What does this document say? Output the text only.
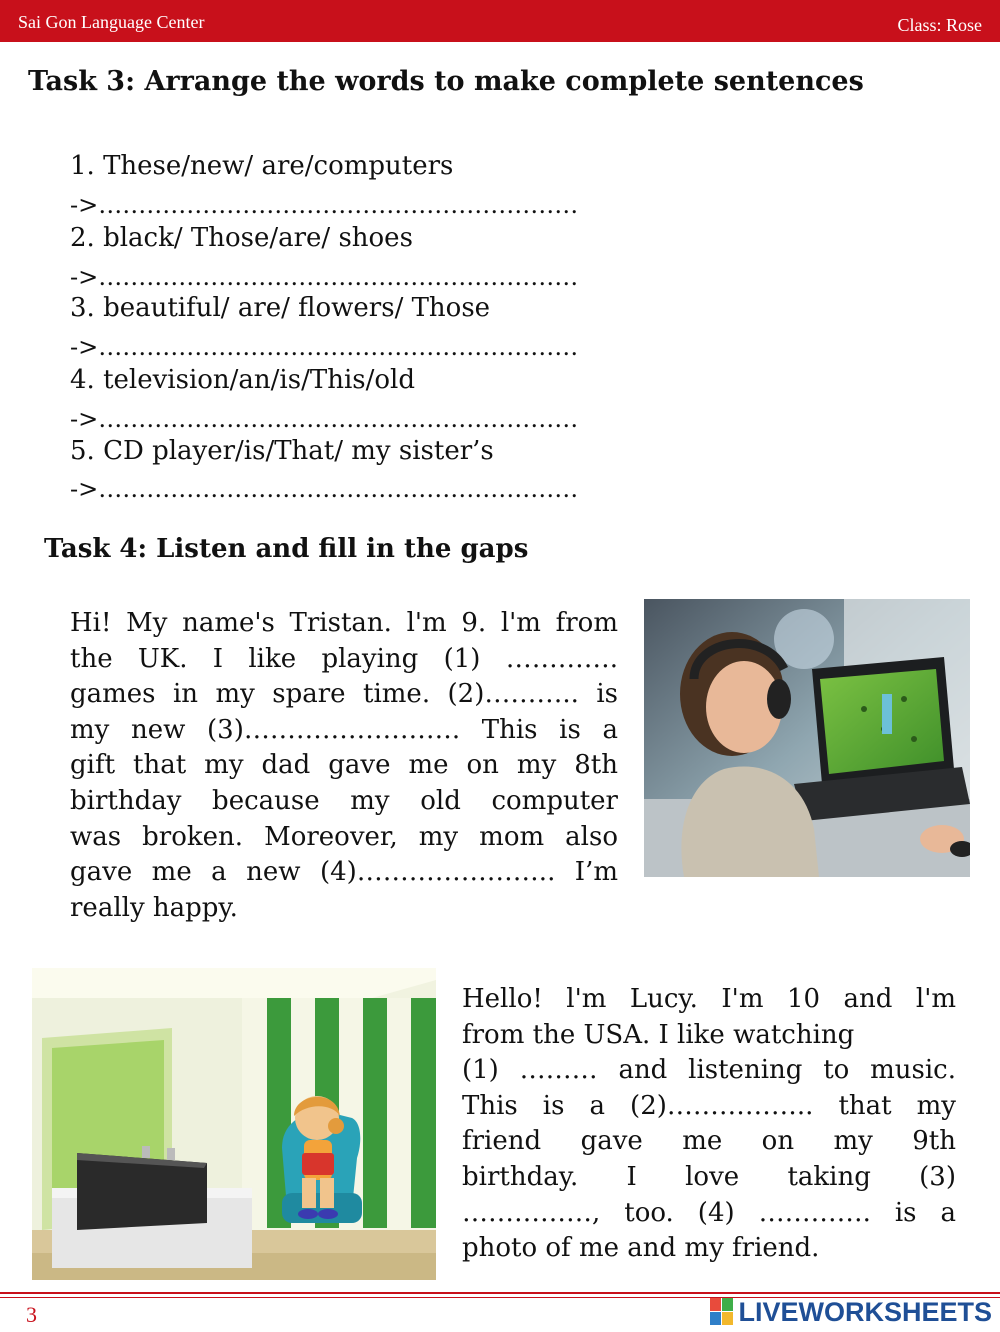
Sai Gon Language Center	Class: Rose
Task 3: Arrange the words to make complete sentences
1. These/new/ are/computers
->……………………………………………………
2. black/ Those/are/ shoes
->……………………………………………………
3. beautiful/ are/ flowers/ Those
->……………………………………………………
4. television/an/is/This/old
->……………………………………………………
5. CD player/is/That/ my sister’s
->……………………………………………………
Task 4: Listen and fill in the gaps
Hi! My name's Tristan. l'm 9. l'm from
the UK. I like playing (1) ………….
games in my spare time. (2)……….. is
my new (3)……………………. This is a
gift that my dad gave me on my 8th
birthday because my old computer
was broken. Moreover, my mom also
gave me a new (4)………………….. I’m
really happy.
Hello! l'm Lucy. I'm 10 and l'm
from the USA. I like watching
(1) ……… and listening to music.
This is a (2)…………….. that my
friend gave me on my 9th
birthday. I love taking (3)
……………, too. (4) …………. is a
photo of me and my friend.
3	LIVEWORKSHEETS
